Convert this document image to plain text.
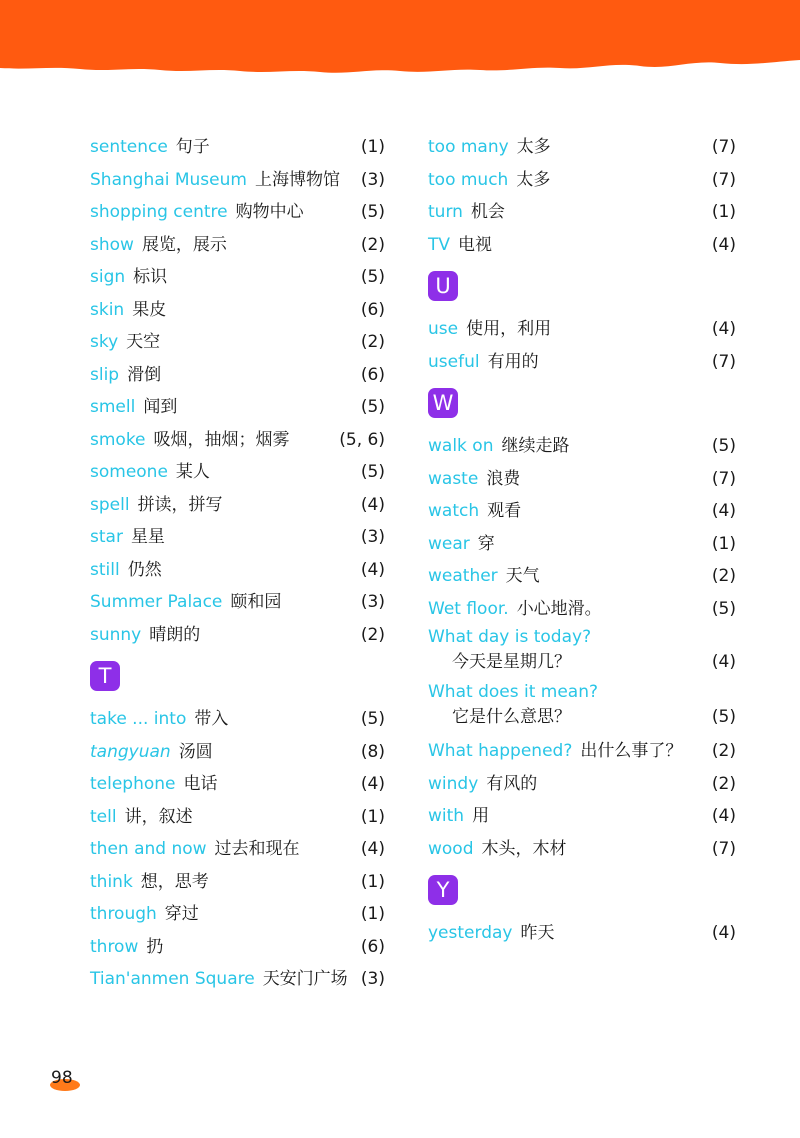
sentence 句子	(1)
Shanghai Museum 上海博物馆 (3)
shopping centre 购物中心	(5)
show 展览，展示	(2)
sign 标识	(5)
skin 果皮	(6)
sky 天空	(2)
slip 滑倒	(6)
smell 闻到	(5)
smoke 吸烟，抽烟；烟雾	(5, 6)
someone 某人	(5)
spell 拼读，拼写	(4)
star 星星	(3)
still 仍然	(4)
Summer Palace 颐和园	(3)
sunny 晴朗的	(2)
T
take ... into 带入	(5)
tangyuan 汤圆	(8)
telephone 电话	(4)
tell 讲，叙述	(1)
then and now 过去和现在	(4)
think 想，思考	(1)
through 穿过	(1)
throw 扔	(6)
Tian'anmen Square 天安门广场 (3)
too many 太多	(7)
too much 太多	(7)
turn 机会	(1)
TV 电视	(4)
U
use 使用，利用	(4)
useful 有用的	(7)
W
walk on 继续走路	(5)
waste 浪费	(7)
watch 观看	(4)
wear 穿	(1)
weather 天气	(2)
Wet floor. 小心地滑。	(5)
What day is today?
今天是星期几？	(4)
What does it mean?
它是什么意思？	(5)
What happened? 出什么事了？ (2)
windy 有风的	(2)
with 用	(4)
wood 木头，木材	(7)
Y
yesterday 昨天	(4)
98
